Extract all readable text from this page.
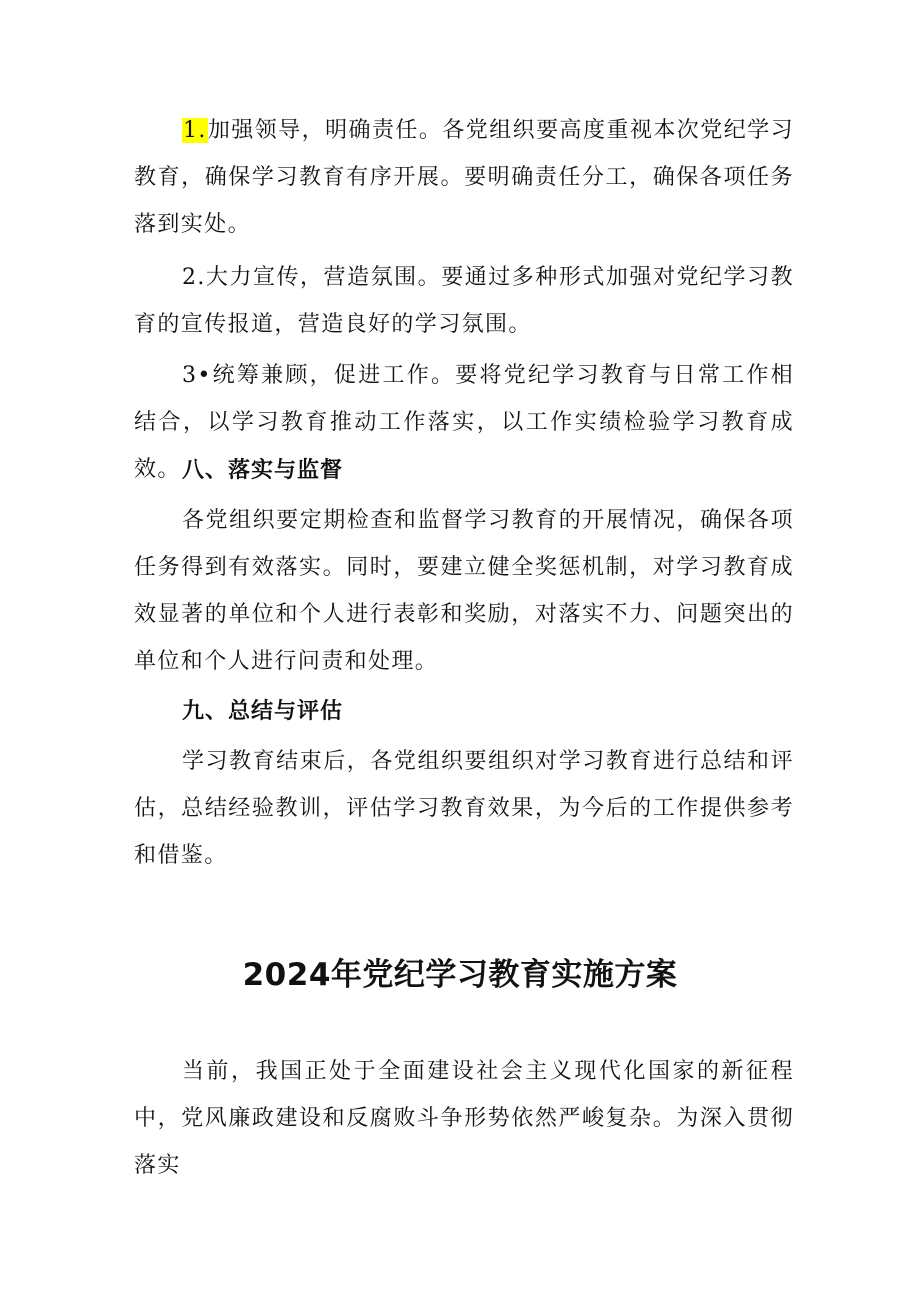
1.加强领导，明确责任。各党组织要高度重视本次党纪学习教育，确保学习教育有序开展。要明确责任分工，确保各项任务落到实处。

2.大力宣传，营造氛围。要通过多种形式加强对党纪学习教育的宣传报道，营造良好的学习氛围。

3•统筹兼顾，促进工作。要将党纪学习教育与日常工作相结合，以学习教育推动工作落实，以工作实绩检验学习教育成效。 八、落实与监督

各党组织要定期检查和监督学习教育的开展情况，确保各项任务得到有效落实。同时，要建立健全奖惩机制，对学习教育成效显著的单位和个人进行表彰和奖励，对落实不力、问题突出的单位和个人进行问责和处理。

九、总结与评估

学习教育结束后，各党组织要组织对学习教育进行总结和评估，总结经验教训，评估学习教育效果，为今后的工作提供参考和借鉴。

2024年党纪学习教育实施方案

当前，我国正处于全面建设社会主义现代化国家的新征程中，党风廉政建设和反腐败斗争形势依然严峻复杂。为深入贯彻落实
